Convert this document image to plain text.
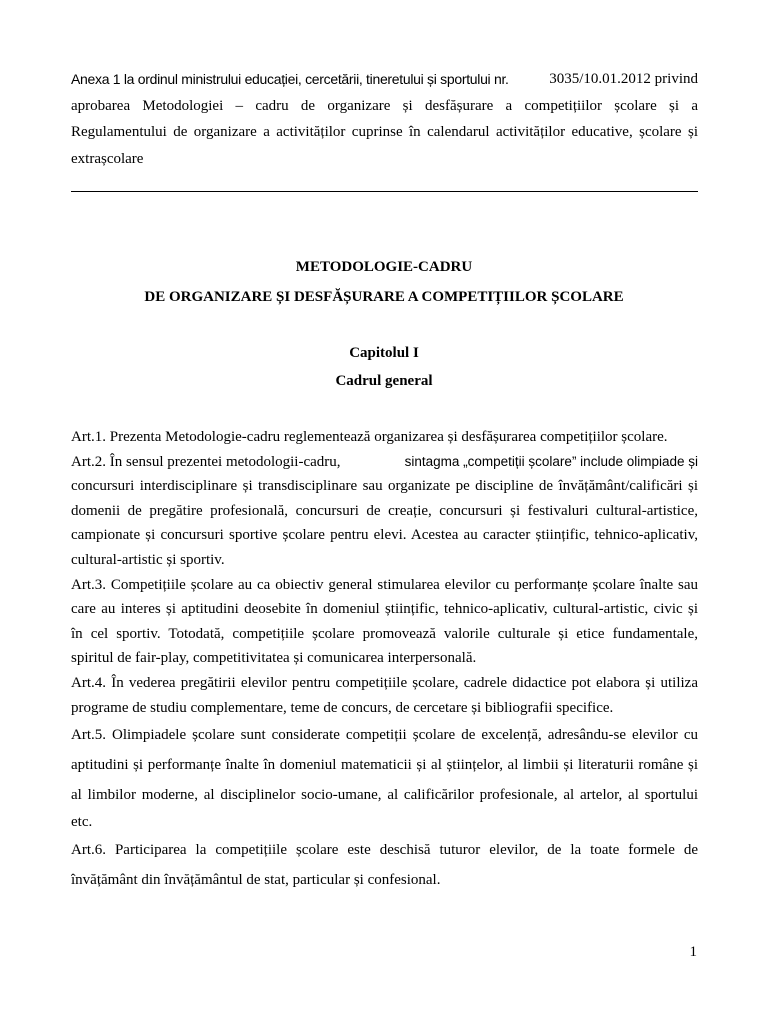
Anexa 1 la ordinul ministrului educației, cercetării, tineretului și sportului nr.	3035/10.01.2012 privind
aprobarea Metodologiei – cadru de organizare și desfășurare a competițiilor școlare și a
Regulamentului de organizare a activităților cuprinse în calendarul activităților educative, școlare și
extrașcolare
METODOLOGIE-CADRU
DE ORGANIZARE ȘI DESFĂȘURARE A COMPETIȚIILOR ȘCOLARE
Capitolul I
Cadrul general
Art.1. Prezenta Metodologie-cadru reglementează organizarea și desfășurarea competițiilor școlare.
Art.2. În sensul prezentei metodologii-cadru,	sintagma „competiții școlare” include olimpiade și
concursuri interdisciplinare și transdisciplinare sau organizate pe discipline de învățământ/calificări și
domenii de pregătire profesională, concursuri de creație, concursuri și festivaluri cultural-artistice,
campionate și concursuri sportive școlare pentru elevi. Acestea au caracter științific, tehnico-aplicativ,
cultural-artistic și sportiv.
Art.3. Competițiile școlare au ca obiectiv general stimularea elevilor cu performanțe școlare înalte sau
care au interes și aptitudini deosebite în domeniul științific, tehnico-aplicativ, cultural-artistic, civic și
în cel sportiv. Totodată, competițiile școlare promovează valorile culturale și etice fundamentale,
spiritul de fair-play, competitivitatea și comunicarea interpersonală.
Art.4. În vederea pregătirii elevilor pentru competițiile școlare, cadrele didactice pot elabora și utiliza
programe de studiu complementare, teme de concurs, de cercetare și bibliografii specifice.
Art.5. Olimpiadele școlare sunt considerate competiții școlare de excelență, adresându-se elevilor cu
aptitudini și performanțe înalte în domeniul matematicii și al științelor, al limbii și literaturii române și
al limbilor moderne, al disciplinelor socio-umane, al calificărilor profesionale, al artelor, al sportului
etc.
Art.6. Participarea la competițiile școlare este deschisă tuturor elevilor, de la toate formele de
învățământ din învățământul de stat, particular și confesional.
1
